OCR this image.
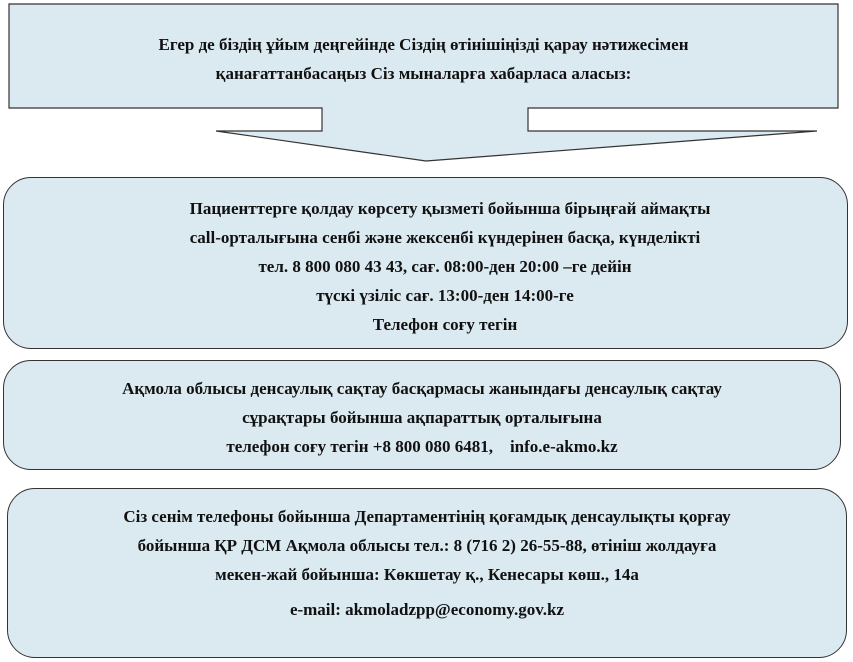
Егер де біздің ұйым деңгейінде Сіздің өтінішіңізді қарау нәтижесімен
қанағаттанбасаңыз Сіз мыналарға хабарласа аласыз:
Пациенттерге қолдау көрсету қызметі бойынша бірыңғай аймақты
call-орталығына сенбі және жексенбі күндерінен басқа, күнделікті
тел. 8 800 080 43 43, сағ. 08:00-ден 20:00 –ге дейін
түскі үзіліс сағ. 13:00-ден 14:00-ге
Телефон соғу тегін
Ақмола облысы денсаулық сақтау басқармасы жанындағы денсаулық сақтау
сұрақтары бойынша ақпараттық орталығына
телефон соғу тегін +8 800 080 6481,    info.e-akmo.kz
Сіз сенім телефоны бойынша Департаментінің қоғамдық денсаулықты қорғау
бойынша ҚР ДСМ Ақмола облысы тел.: 8 (716 2) 26-55-88, өтініш жолдауға
мекен-жай бойынша: Көкшетау қ., Кенесары көш., 14а
e-mail: akmoladzpp@economy.gov.kz
